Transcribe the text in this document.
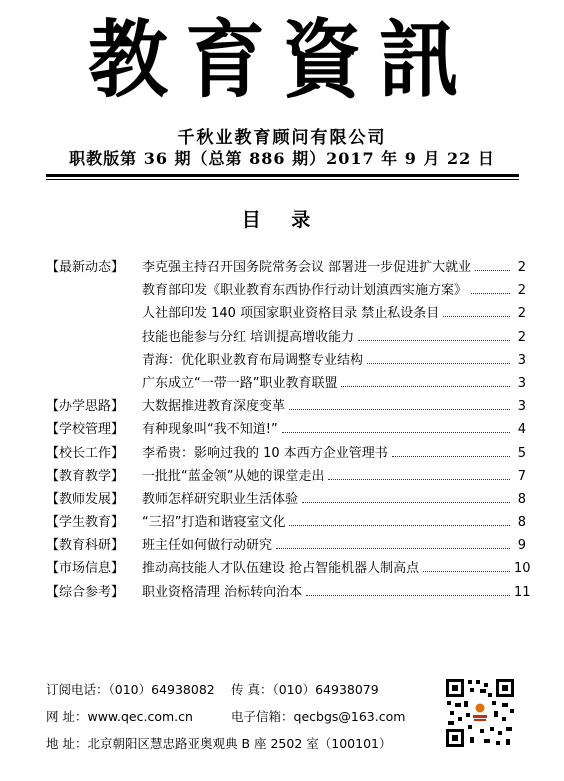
教育資訊
千秋业教育顾问有限公司
职教版第 36 期（总第 886 期）2017 年 9 月 22 日
目 录
【最新动态】	李克强主持召开国务院常务会议 部署进一步促进扩大就业	2
教育部印发《职业教育东西协作行动计划滇西实施方案》	2
人社部印发 140 项国家职业资格目录 禁止私设条目	2
技能也能参与分红 培训提高增收能力	2
青海：优化职业教育布局调整专业结构	3
广东成立“一带一路”职业教育联盟	3
【办学思路】	大数据推进教育深度变革	3
【学校管理】	有种现象叫“我不知道!”	4
【校长工作】	李希贵：影响过我的 10 本西方企业管理书	5
【教育教学】	一批批“蓝金领”从她的课堂走出	7
【教师发展】	教师怎样研究职业生活体验	8
【学生教育】	“三招”打造和谐寝室文化	8
【教育科研】	班主任如何做行动研究	9
【市场信息】	推动高技能人才队伍建设 抢占智能机器人制高点	10
【综合参考】	职业资格清理 治标转向治本	11
订阅电话：（010）64938082 传 真：（010）64938079
网 址：www.qec.com.cn	电子信箱：qecbgs@163.com
地 址：北京朝阳区慧忠路亚奥观典 B 座 2502 室（100101）
